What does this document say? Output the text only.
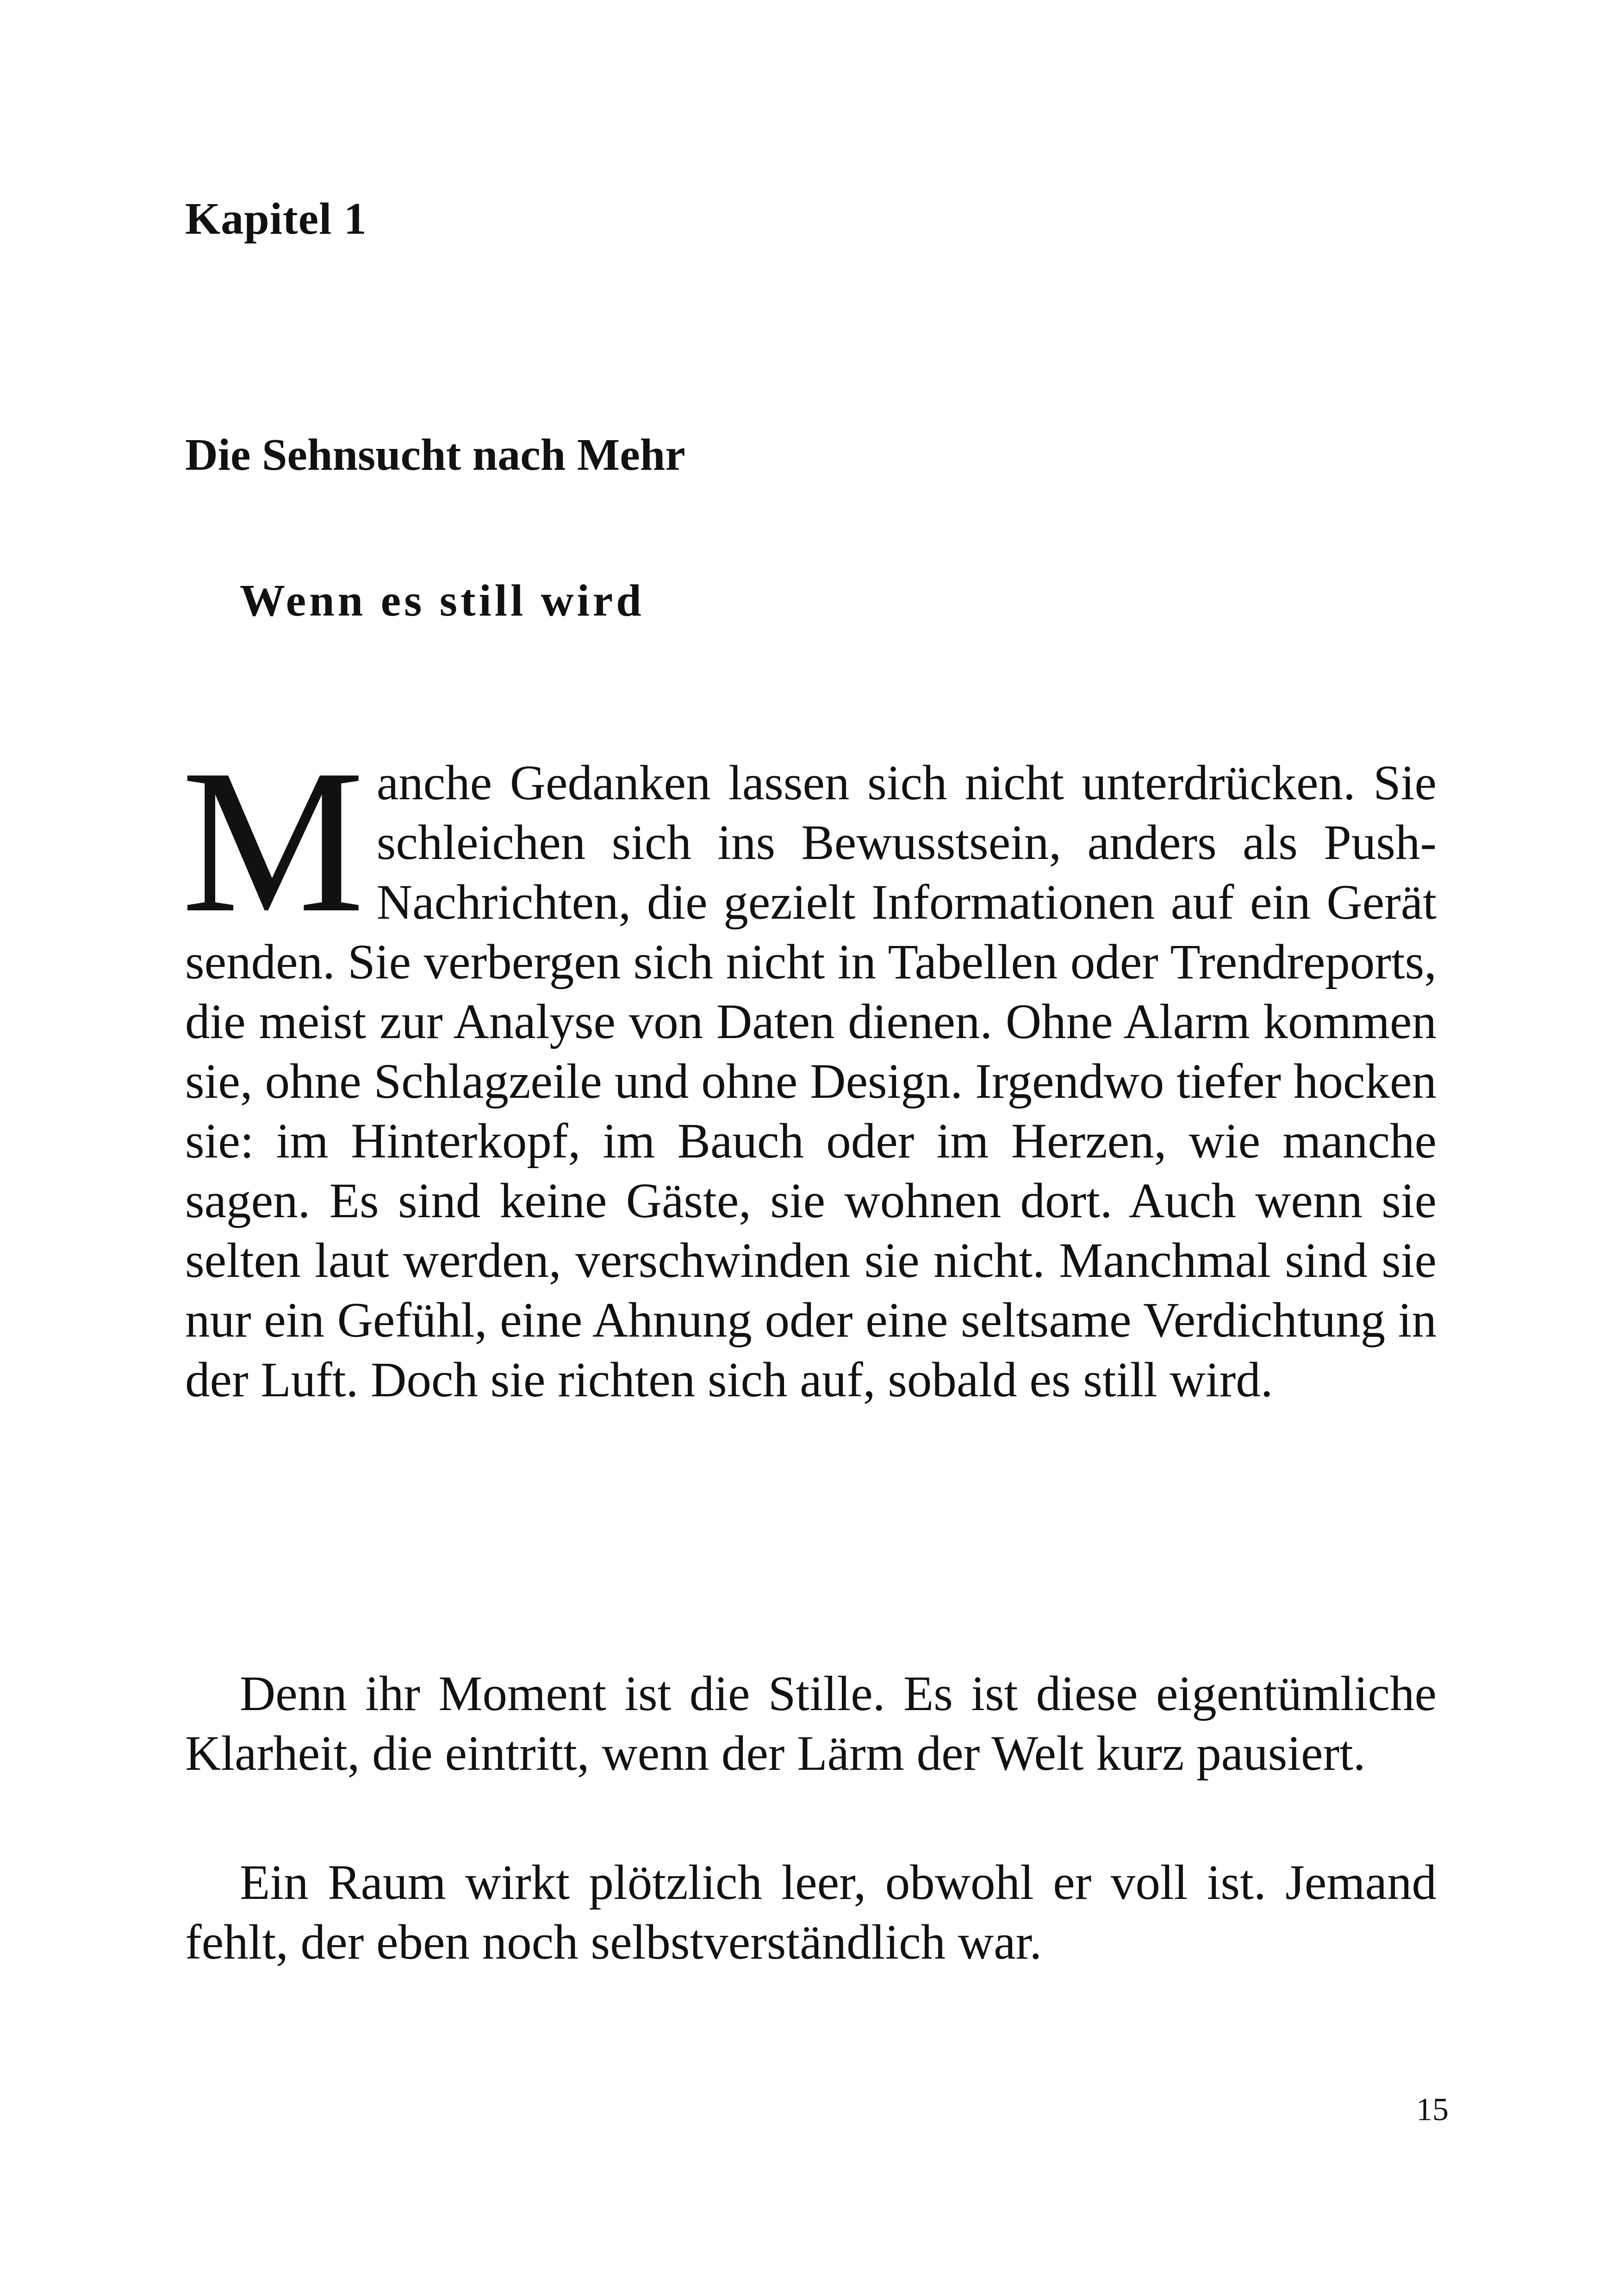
Kapitel 1
Die Sehnsucht nach Mehr
Wenn es still wird

M anche Gedanken lassen sich nicht unterdrücken. Sie schleichen sich ins Bewusstsein, anders als Push-Nachrichten, die gezielt Informationen auf ein Gerät senden. Sie verbergen sich nicht in Tabellen oder Trendreports, die meist zur Analyse von Daten dienen. Ohne Alarm kommen sie, ohne Schlagzeile und ohne Design. Irgendwo tiefer hocken sie: im Hinterkopf, im Bauch oder im Herzen, wie manche sagen. Es sind keine Gäste, sie wohnen dort. Auch wenn sie selten laut werden, verschwinden sie nicht. Manchmal sind sie nur ein Gefühl, eine Ahnung oder eine seltsame Verdichtung in der Luft. Doch sie richten sich auf, sobald es still wird.

Denn ihr Moment ist die Stille. Es ist diese eigentümliche Klarheit, die eintritt, wenn der Lärm der Welt kurz pausiert.

Ein Raum wirkt plötzlich leer, obwohl er voll ist. Jemand fehlt, der eben noch selbstverständlich war.

15
